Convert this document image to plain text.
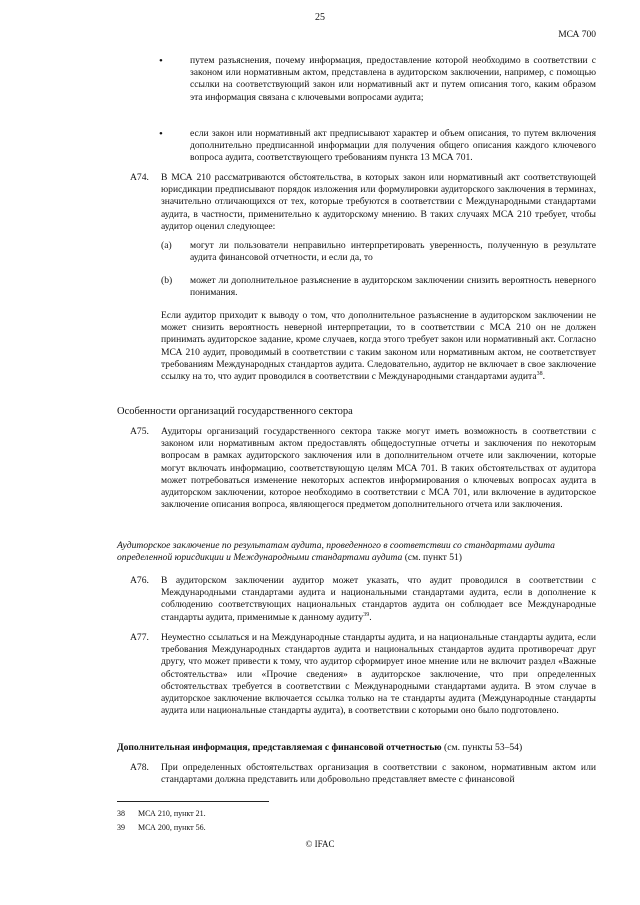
25
МСА 700
•	путем разъяснения, почему информация, предоставление которой необходимо в соответствии с законом или нормативным актом, представлена в аудиторском заключении, например, с помощью ссылки на соответствующий закон или нормативный акт и путем описания того, каким образом эта информация связана с ключевыми вопросами аудита;
•	если закон или нормативный акт предписывают характер и объем описания, то путем включения дополнительно предписанной информации для получения общего описания каждого ключевого вопроса аудита, соответствующего требованиям пункта 13 МСА 701.
A74. В МСА 210 рассматриваются обстоятельства, в которых закон или нормативный акт соответствующей юрисдикции предписывают порядок изложения или формулировки аудиторского заключения в терминах, значительно отличающихся от тех, которые требуются в соответствии с Международными стандартами аудита, в частности, применительно к аудиторскому мнению. В таких случаях МСА 210 требует, чтобы аудитор оценил следующее:
(a) могут ли пользователи неправильно интерпретировать уверенность, полученную в результате аудита финансовой отчетности, и если да, то
(b) может ли дополнительное разъяснение в аудиторском заключении снизить вероятность неверного понимания.
Если аудитор приходит к выводу о том, что дополнительное разъяснение в аудиторском заключении не может снизить вероятность неверной интерпретации, то в соответствии с МСА 210 он не должен принимать аудиторское задание, кроме случаев, когда этого требует закон или нормативный акт. Согласно МСА 210 аудит, проводимый в соответствии с таким законом или нормативным актом, не соответствует требованиям Международных стандартов аудита. Следовательно, аудитор не включает в свое заключение ссылку на то, что аудит проводился в соответствии с Международными стандартами аудита$^{38}$.
Особенности организаций государственного сектора
A75. Аудиторы организаций государственного сектора также могут иметь возможность в соответствии с законом или нормативным актом предоставлять общедоступные отчеты и заключения по некоторым вопросам в рамках аудиторского заключения или в дополнительном отчете или заключении, которые могут включать информацию, соответствующую целям МСА 701. В таких обстоятельствах от аудитора может потребоваться изменение некоторых аспектов информирования о ключевых вопросах аудита в аудиторском заключении, которое необходимо в соответствии с МСА 701, или включение в аудиторское заключение описания вопроса, являющегося предметом дополнительного отчета или заключения.
Аудиторское заключение по результатам аудита, проведенного в соответствии со стандартами аудита определенной юрисдикции и Международными стандартами аудита (см. пункт 51)
A76. В аудиторском заключении аудитор может указать, что аудит проводился в соответствии с Международными стандартами аудита и национальными стандартами аудита, если в дополнение к соблюдению соответствующих национальных стандартов аудита он соблюдает все Международные стандарты аудита, применимые к данному аудиту$^{39}$.
A77. Неуместно ссылаться и на Международные стандарты аудита, и на национальные стандарты аудита, если требования Международных стандартов аудита и национальных стандартов аудита противоречат друг другу, что может привести к тому, что аудитор сформирует иное мнение или не включит раздел «Важные обстоятельства» или «Прочие сведения» в аудиторское заключение, что при определенных обстоятельствах требуется в соответствии с Международными стандартами аудита. В этом случае в аудиторское заключение включается ссылка только на те стандарты аудита (Международные стандарты аудита или национальные стандарты аудита), в соответствии с которыми оно было подготовлено.
Дополнительная информация, представляемая с финансовой отчетностью (см. пункты 53–54)
A78. При определенных обстоятельствах организация в соответствии с законом, нормативным актом или стандартами должна представить или добровольно представляет вместе с финансовой
38 МСА 210, пункт 21.
39 МСА 200, пункт 56.
© IFAC
